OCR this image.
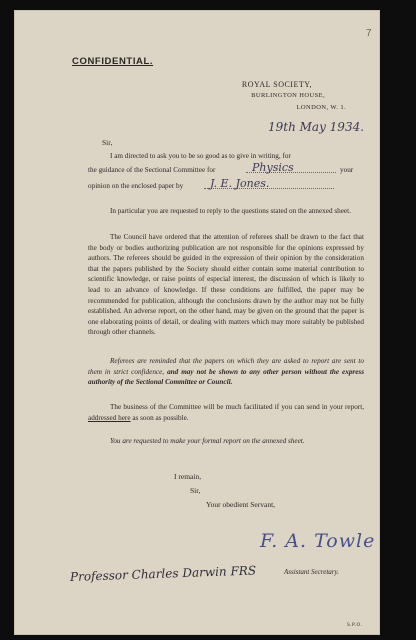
7
CONFIDENTIAL.
ROYAL SOCIETY,
BURLINGTON HOUSE,
LONDON, W. 1.
19th May 1934.
Sir,
I am directed to ask you to be so good as to give in writing, for
the guidance of the Sectional Committee for	$^{Physics}$	your
opinion on the enclosed paper by	$^{J. E. Jones.}$
In particular you are requested to reply to the questions stated on the annexed sheet.
The Council have ordered that the attention of referees shall be drawn to the fact that the body or bodies authorizing publication are not responsible for the opinions expressed by authors. The referees should be guided in the expression of their opinion by the consideration that the papers published by the Society should either contain some material contribution to scientific knowledge, or raise points of especial interest, the discussion of which is likely to lead to an advance of knowledge. If these conditions are fulfilled, the paper may be recommended for publication, although the conclusions drawn by the author may not be fully established. An adverse report, on the other hand, may be given on the ground that the paper is one elaborating points of detail, or dealing with matters which may more suitably be published through other channels.
Referees are reminded that the papers on which they are asked to report are sent to them in strict confidence, and may not be shown to any other person without the express authority of the Sectional Committee or Council.
The business of the Committee will be much facilitated if you can send in your report, addressed here as soon as possible.
You are requested to make your formal report on the annexed sheet.
I remain,
Sir,
Your obedient Servant,
F. A. Towle
Assistant Secretary.
Professor Charles Darwin FRS
S.P.O.
